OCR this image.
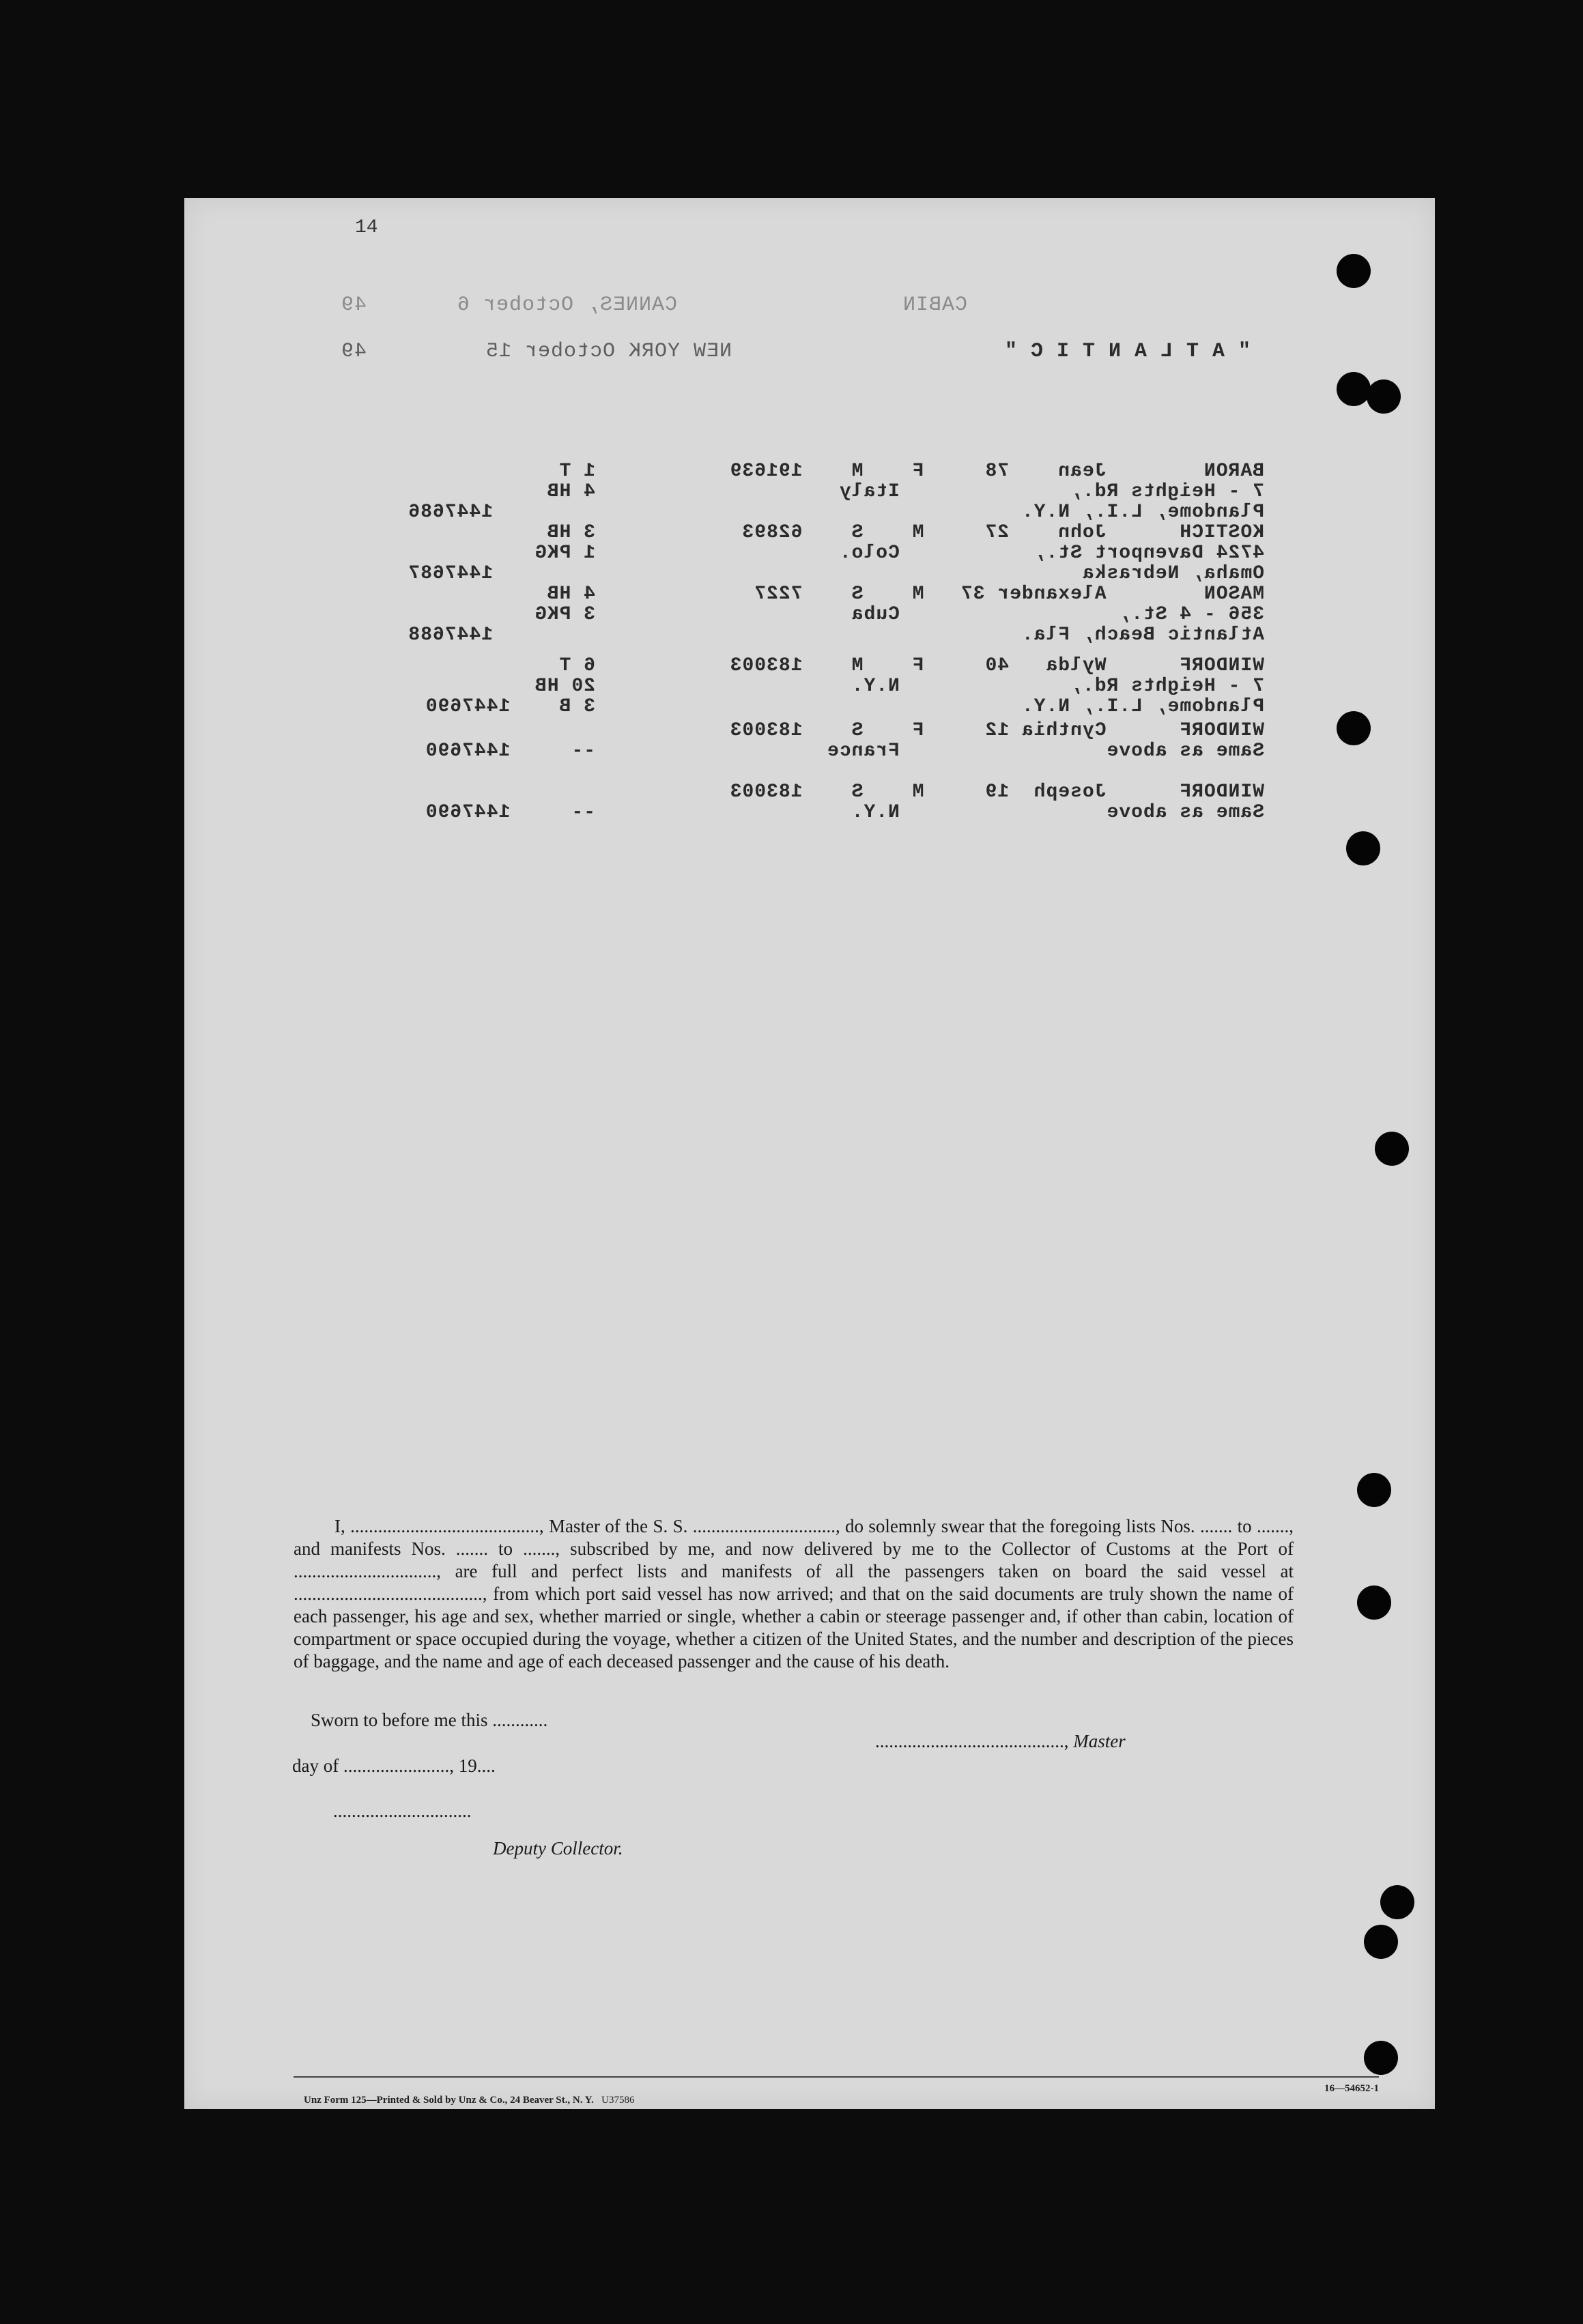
14
CABIN
CANNES, October 6
49
" A T L A N T I C "
NEW YORK October 15
49
BARON        Jean    78     F    M    191639
1 T
7 - Heights Rd.,              Italy
4 HB
Plandome, L.I., N.Y.
1447686
KOSTICH      John    27     M    S    62893
3 HB
4724 Davenport St.,           Colo.
1 PKG
Omaha, Nebraska
1447687
MASON        Alexander 37   M    S    7227
4 HB
356 - 4 St.,                  Cuba
3 PKG
Atlantic Beach, Fla.
1447688
WINDORF      Wylda   40     F    M    183003
6 T
7 - Heights Rd.,              N.Y.
20 HB
Plandome, L.I., N.Y.
3 B    1447690
WINDORF      Cynthia 12     F    S    183003
Same as above                 France
--     1447690
WINDORF      Joseph  19     M    S    183003
Same as above                 N.Y.
--     1447690

I, ........................................., Master of the S. S. ..............................., do solemnly swear that the foregoing lists Nos. ....... to ......., and manifests Nos. ....... to ......., subscribed by me, and now delivered by me to the Collector of Customs at the Port of ..............................., are full and perfect lists and manifests of all the passengers taken on board the said vessel at ........................................., from which port said vessel has now arrived; and that on the said documents are truly shown the name of each passenger, his age and sex, whether married or single, whether a cabin or steerage passenger and, if other than cabin, location of compartment or space occupied during the voyage, whether a citizen of the United States, and the number and description of the pieces of baggage, and the name and age of each deceased passenger and the cause of his death.

Sworn to before me this ............

........................................., Master

day of ......................., 19....
..............................

Deputy Collector.

Unz Form 125—Printed & Sold by Unz & Co., 24 Beaver St., N. Y. U37586

16—54652-1
